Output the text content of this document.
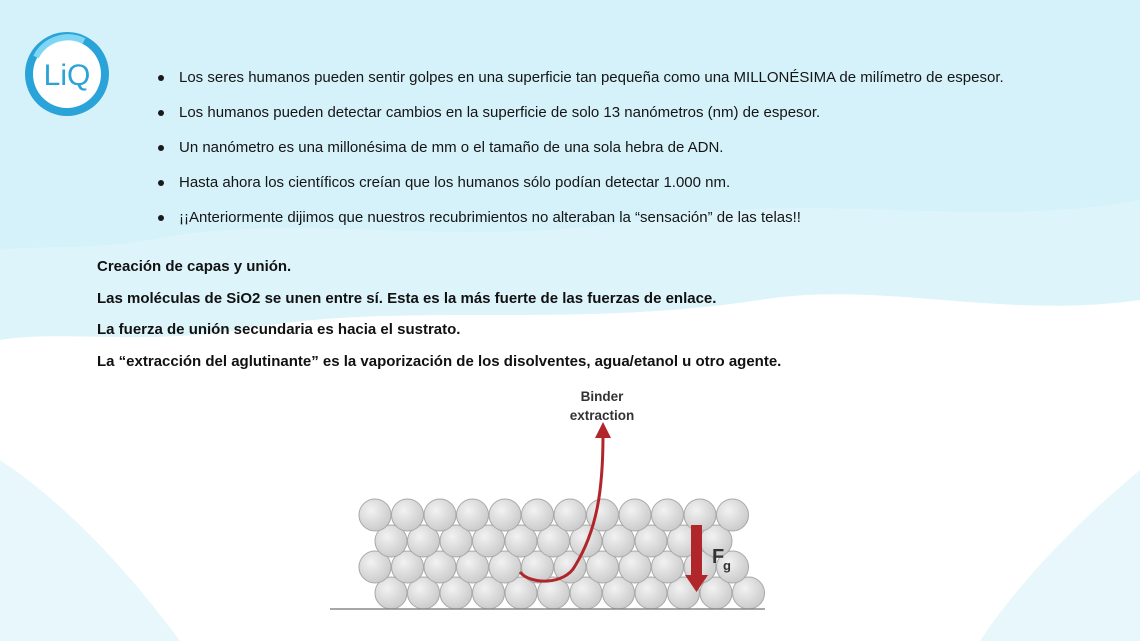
LiQ	Los seres humanos pueden sentir golpes en una superficie tan pequeña como una MILLONÉSIMA de milímetro de espesor.
Los humanos pueden detectar cambios en la superficie de solo 13 nanómetros (nm) de espesor.
Un nanómetro es una millonésima de mm o el tamaño de una sola hebra de ADN.
Hasta ahora los científicos creían que los humanos sólo podían detectar 1.000 nm.
¡¡Anteriormente dijimos que nuestros recubrimientos no alteraban la “sensación” de las telas!!

Creación de capas y unión.

Las moléculas de SiO2 se unen entre sí. Esta es la más fuerte de las fuerzas de enlace.

La fuerza de unión secundaria es hacia el sustrato.

La “extracción del aglutinante” es la vaporización de los disolventes, agua/etanol u otro agente.

Binder
extraction
F
g
